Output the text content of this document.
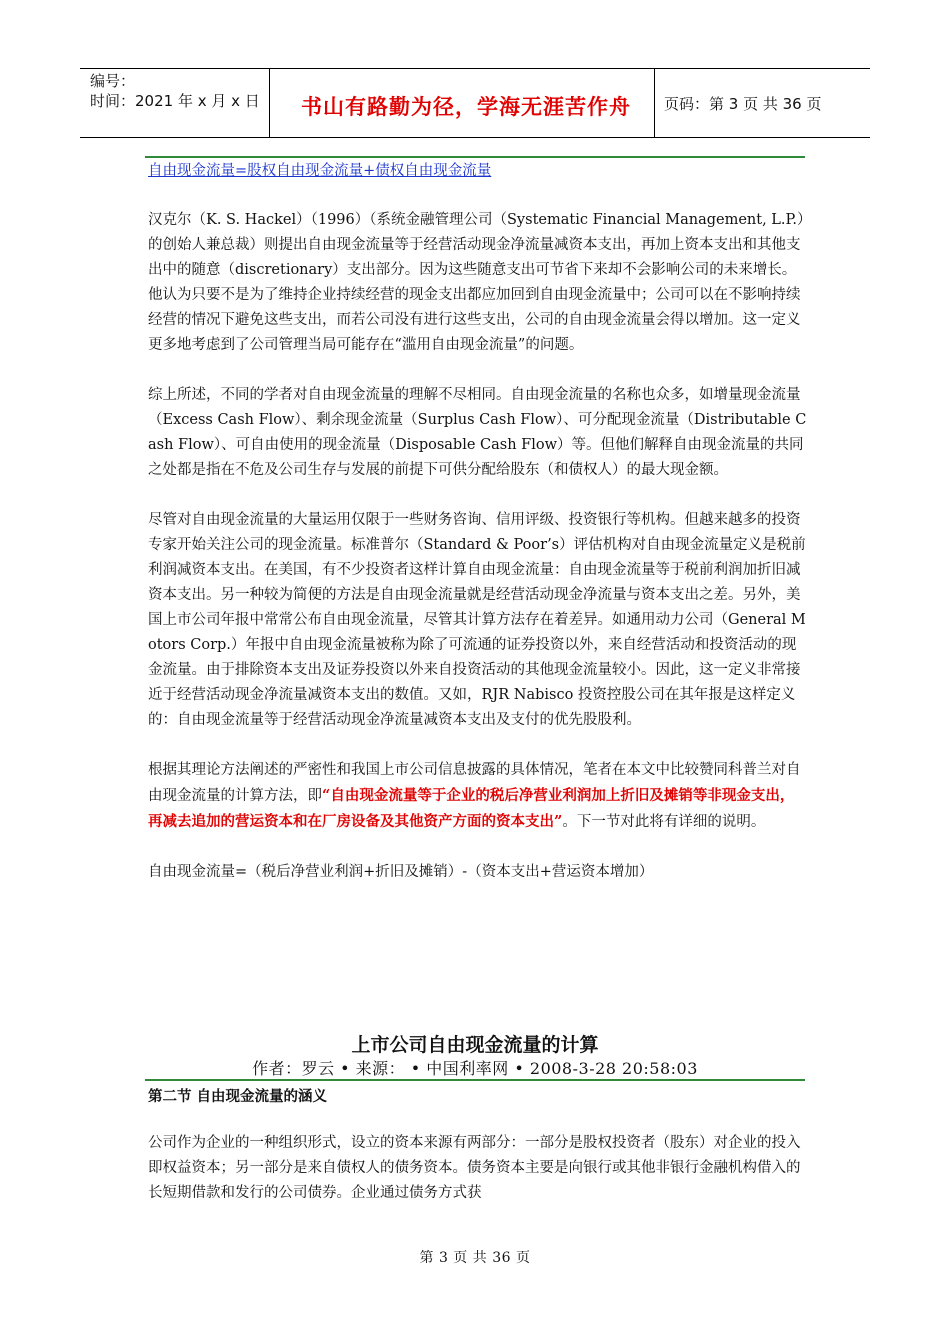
编号：
时间：2021 年 x 月 x 日	书山有路勤为径，学海无涯苦作舟	页码：第 3 页 共 36 页

自由现金流量=股权自由现金流量+债权自由现金流量

汉克尔（K. S. Hackel）（1996）（系统金融管理公司（Systematic Financial Management, L.P.）的创始人兼总裁）则提出自由现金流量等于经营活动现金净流量减资本支出，再加上资本支出和其他支出中的随意（discretionary）支出部分。因为这些随意支出可节省下来却不会影响公司的未来增长。他认为只要不是为了维持企业持续经营的现金支出都应加回到自由现金流量中；公司可以在不影响持续经营的情况下避免这些支出，而若公司没有进行这些支出，公司的自由现金流量会得以增加。这一定义更多地考虑到了公司管理当局可能存在“滥用自由现金流量”的问题。

综上所述，不同的学者对自由现金流量的理解不尽相同。自由现金流量的名称也众多，如增量现金流量（Excess Cash Flow）、剩余现金流量（Surplus Cash Flow）、可分配现金流量（Distributable Cash Flow）、可自由使用的现金流量（Disposable Cash Flow）等。但他们解释自由现金流量的共同之处都是指在不危及公司生存与发展的前提下可供分配给股东（和债权人）的最大现金额。

尽管对自由现金流量的大量运用仅限于一些财务咨询、信用评级、投资银行等机构。但越来越多的投资专家开始关注公司的现金流量。标准普尔（Standard & Poor’s）评估机构对自由现金流量定义是税前利润减资本支出。在美国，有不少投资者这样计算自由现金流量：自由现金流量等于税前利润加折旧减资本支出。另一种较为简便的方法是自由现金流量就是经营活动现金净流量与资本支出之差。另外，美国上市公司年报中常常公布自由现金流量，尽管其计算方法存在着差异。如通用动力公司（General Motors Corp.）年报中自由现金流量被称为除了可流通的证券投资以外，来自经营活动和投资活动的现金流量。由于排除资本支出及证券投资以外来自投资活动的其他现金流量较小。因此，这一定义非常接近于经营活动现金净流量减资本支出的数值。又如，RJR Nabisco 投资控股公司在其年报是这样定义的：自由现金流量等于经营活动现金净流量减资本支出及支付的优先股股利。

根据其理论方法阐述的严密性和我国上市公司信息披露的具体情况，笔者在本文中比较赞同科普兰对自由现金流量的计算方法，即“自由现金流量等于企业的税后净营业利润加上折旧及摊销等非现金支出，再减去追加的营运资本和在厂房设备及其他资产方面的资本支出”。下一节对此将有详细的说明。

自由现金流量=（税后净营业利润+折旧及摊销）-（资本支出+营运资本增加）

上市公司自由现金流量的计算
作者：罗云 • 来源： • 中国利率网 • 2008-3-28 20:58:03
第二节 自由现金流量的涵义

公司作为企业的一种组织形式，设立的资本来源有两部分：一部分是股权投资者（股东）对企业的投入即权益资本；另一部分是来自债权人的债务资本。债务资本主要是向银行或其他非银行金融机构借入的长短期借款和发行的公司债券。企业通过债务方式获

第 3 页 共 36 页
